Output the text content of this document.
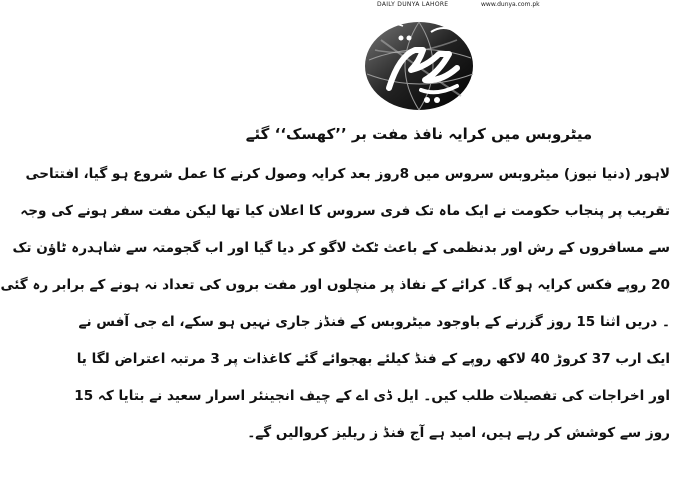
DAILY DUNYA LAHORE	www.dunya.com.pk
میٹروبس میں کرایہ نافذ مفت بر ’’کھسک‘‘ گئے
لاہور (دنیا نیوز) میٹروبس سروس میں 8روز بعد کرایہ وصول کرنے کا عمل شروع ہو گیا، افتتاحی
تقریب پر پنجاب حکومت نے ایک ماہ تک فری سروس کا اعلان کیا تھا لیکن مفت سفر ہونے کی وجہ
سے مسافروں کے رش اور بدنظمی کے باعث ٹکٹ لاگو کر دیا گیا اور اب گجومتہ سے شاہدرہ ٹاؤن تک
20 روپے فکس کرایہ ہو گا۔ کرائے کے نفاذ پر منچلوں اور مفت بروں کی تعداد نہ ہونے کے برابر رہ گئی
۔ دریں اثنا 15 روز گزرنے کے باوجود میٹروبس کے فنڈز جاری نہیں ہو سکے، اے جی آفس نے
ایک ارب 37 کروڑ 40 لاکھ روپے کے فنڈ کیلئے بھجوائے گئے کاغذات پر 3 مرتبہ اعتراض لگا یا
اور اخراجات کی تفصیلات طلب کیں۔ ایل ڈی اے کے چیف انجینئر اسرار سعید نے بتایا کہ 15
روز سے کوشش کر رہے ہیں، امید ہے آج فنڈ ز ریلیز کروالیں گے۔
